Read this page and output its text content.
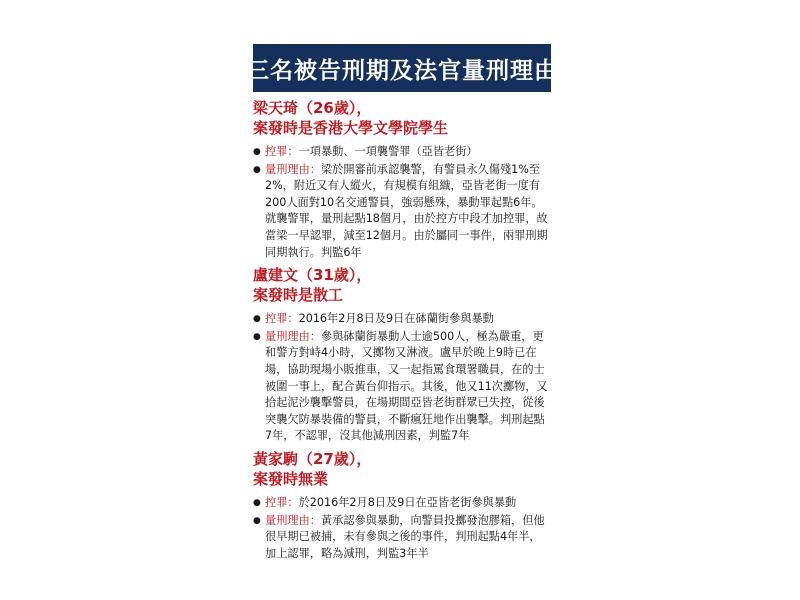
三名被告刑期及法官量刑理由
梁天琦（26歲），
案發時是香港大學文學院學生
● 控罪：一項暴動、一項襲警罪（亞皆老街）
● 量刑理由：梁於開審前承認襲警，有警員永久傷殘1%至2%，附近又有人縱火，有規模有組織，亞皆老街一度有200人面對10名交通警員，強弱懸殊，暴動罪起點6年。就襲警罪，量刑起點18個月，由於控方中段才加控罪，故當梁一早認罪，減至12個月。由於屬同一事件，兩罪刑期同期執行。判監6年
盧建文（31歲），
案發時是散工
● 控罪：2016年2月8日及9日在砵蘭街參與暴動
● 量刑理由：參與砵蘭街暴動人士逾500人，極為嚴重，更和警方對峙4小時，又擲物又淋液。盧早於晚上9時已在場，協助現場小販推車，又一起指罵食環署職員，在的士被圍一事上，配合黃台仰指示。其後，他又11次擲物，又拾起泥沙襲擊警員，在場期間亞皆老街群眾已失控，從後突襲欠防暴裝備的警員，不斷瘋狂地作出襲擊。判刑起點7年，不認罪，沒其他減刑因素，判監7年
黃家駒（27歲），
案發時無業
● 控罪：於2016年2月8日及9日在亞皆老街參與暴動
● 量刑理由：黃承認參與暴動，向警員投擲發泡膠箱，但他很早期已被捕，未有參與之後的事件，判刑起點4年半，加上認罪，略為減刑，判監3年半
